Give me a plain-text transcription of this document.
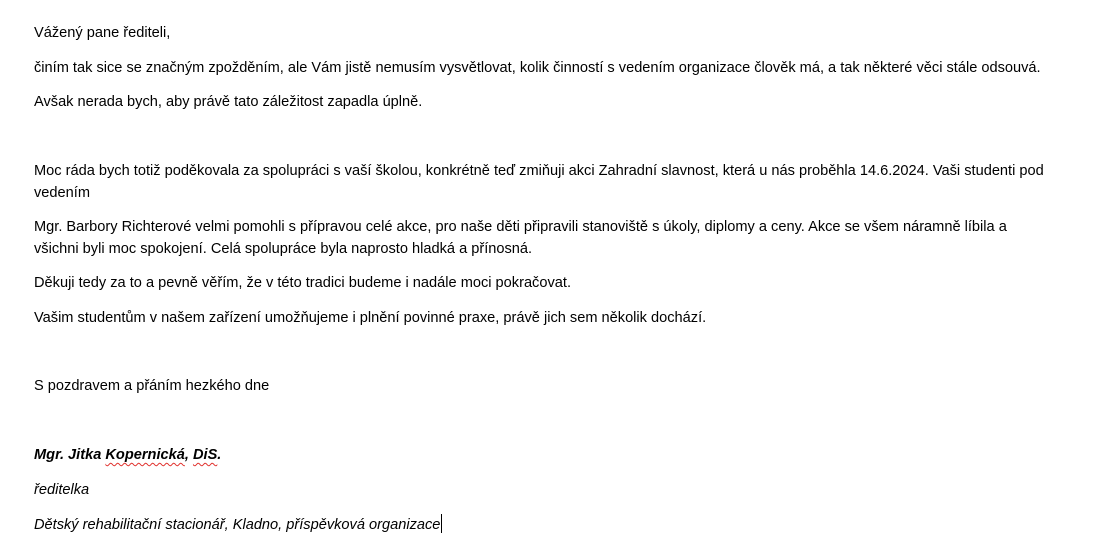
Vážený pane řediteli,
činím tak sice se značným zpožděním, ale Vám jistě nemusím vysvětlovat, kolik činností s vedením organizace člověk má, a tak některé věci stále odsouvá.
Avšak nerada bych, aby právě tato záležitost zapadla úplně.
Moc ráda bych totiž poděkovala za spolupráci s vaší školou, konkrétně teď zmiňuji akci Zahradní slavnost, která u nás proběhla 14.6.2024. Vaši studenti pod
vedením
Mgr. Barbory Richterové velmi pomohli s přípravou celé akce, pro naše děti připravili stanoviště s úkoly, diplomy a ceny. Akce se všem náramně líbila a
všichni byli moc spokojení. Celá spolupráce byla naprosto hladká a přínosná.
Děkuji tedy za to a pevně věřím, že v této tradici budeme i nadále moci pokračovat.
Vašim studentům v našem zařízení umožňujeme i plnění povinné praxe, právě jich sem několik dochází.
S pozdravem a přáním hezkého dne
Mgr. Jitka Kopernická, DiS.
ředitelka
Dětský rehabilitační stacionář, Kladno, příspěvková organizace
